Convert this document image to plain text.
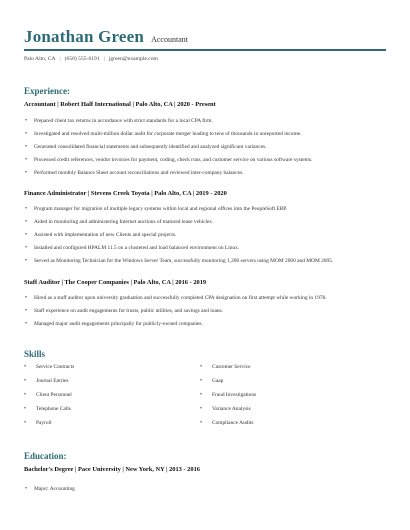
Jonathan Green Accountant
Palo Alto, CA | (650) 555-6191 | jgreen@example.com
Experience:
Accountant | Robert Half International | Palo Alto, CA | 2020 - Present
• Prepared client tax returns in accordance with strict standards for a local CPA firm.
• Investigated and resolved multi-million dollar audit for corporate merger leading to tens of thousands in unreported income.
• Generated consolidated financial statements and subsequently identified and analyzed significant variances.
• Processed credit references, vendor invoices for payment, coding, check runs, and customer service on various software systems.
• Performed monthly Balance Sheet account reconciliations and reviewed inter-company balances.
Finance Administrator | Stevens Creek Toyota | Palo Alto, CA | 2019 - 2020
• Program manager for migration of multiple legacy systems within local and regional offices into the PeopleSoft ERP.
• Aided in monitoring and administering Internet auctions of matured lease vehicles.
• Assisted with implementation of new Clients and special projects.
• Installed and configured HPALM 11.5 on a clustered and load balanced environment on Linux.
• Served as Monitoring Technician for the Windows Server Team, successfully monitoring 1,200 servers using MOM 2000 and MOM 2005.
Staff Auditor | The Cooper Companies | Palo Alto, CA | 2016 - 2019
• Hired as a staff auditor upon university graduation and successfully completed CPA designation on first attempt while working in 1978.
• Staff experience on audit engagements for trusts, public utilities, and savings and loans.
• Managed major audit engagements principally for publicly-owned companies.
Skills
• Service Contracts
• Journal Entries
• Client Personnel
• Telephone Calls
• Payroll
• Customer Service
• Gaap
• Fraud Investigations
• Variance Analysis
• Compliance Audits
Education:
Bachelor's Degree | Pace University | New York, NY | 2013 - 2016
• Major: Accounting
